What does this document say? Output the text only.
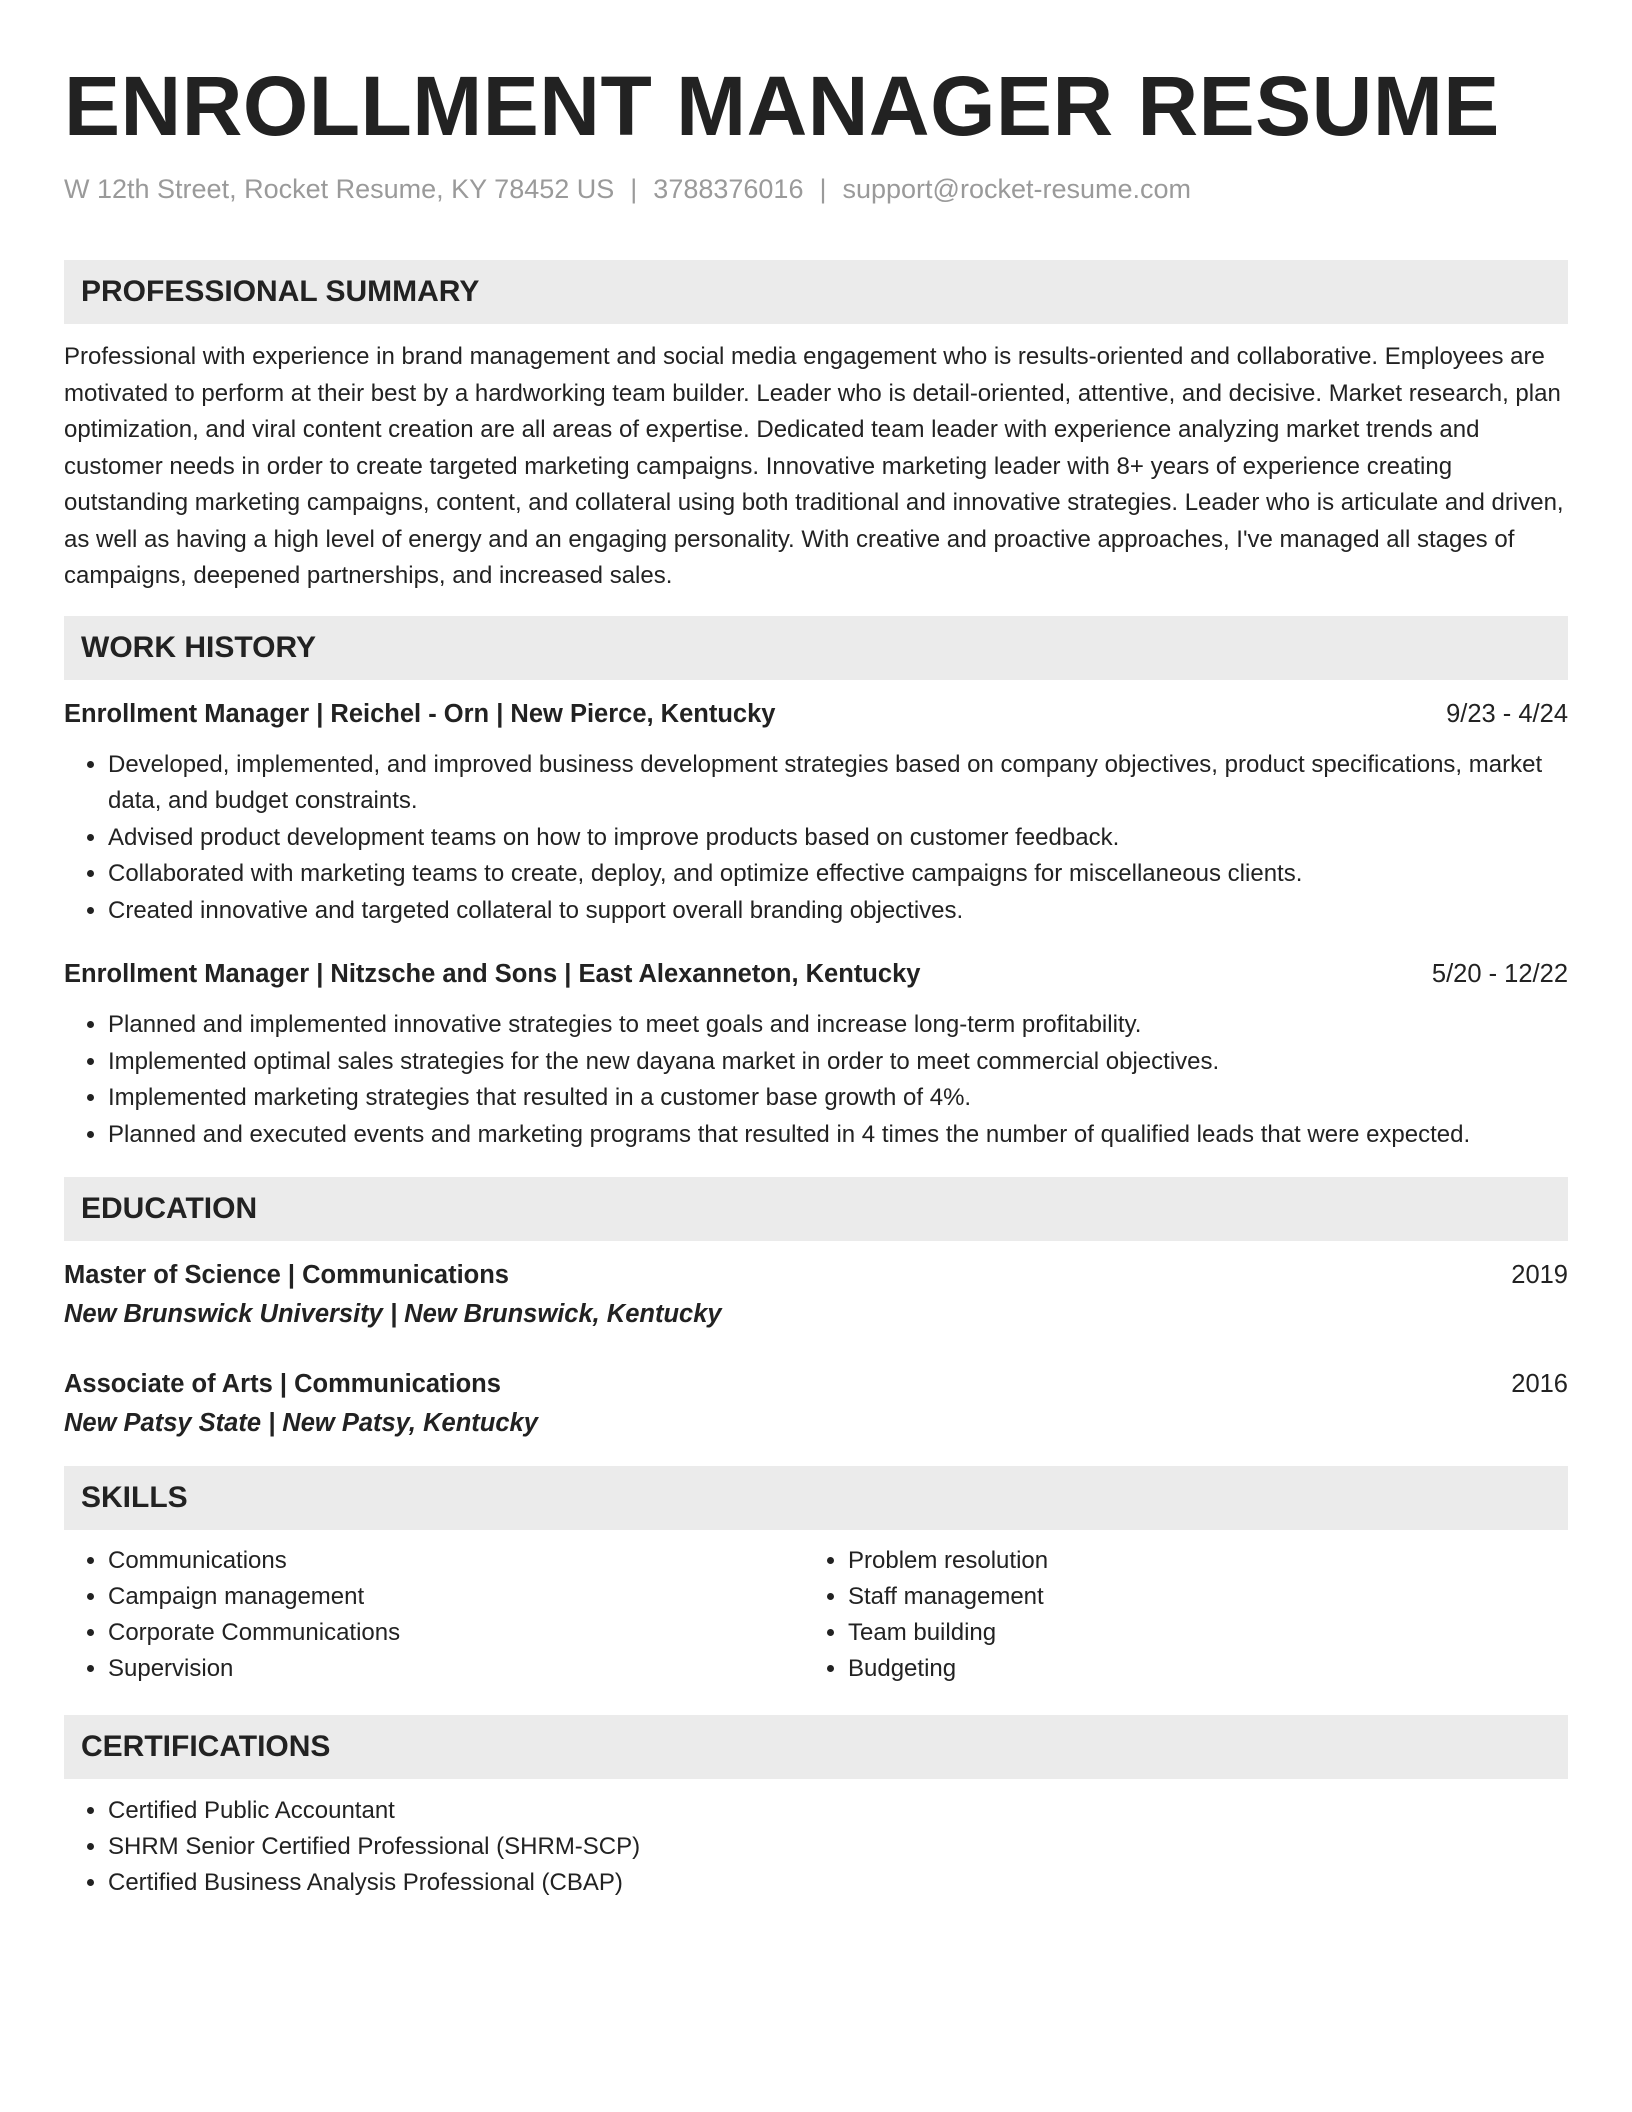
ENROLLMENT MANAGER RESUME
W 12th Street, Rocket Resume, KY 78452 US | 3788376016 | support@rocket-resume.com
PROFESSIONAL SUMMARY

Professional with experience in brand management and social media engagement who is results-oriented and collaborative. Employees are motivated to perform at their best by a hardworking team builder. Leader who is detail-oriented, attentive, and decisive. Market research, plan optimization, and viral content creation are all areas of expertise. Dedicated team leader with experience analyzing market trends and customer needs in order to create targeted marketing campaigns. Innovative marketing leader with 8+ years of experience creating outstanding marketing campaigns, content, and collateral using both traditional and innovative strategies. Leader who is articulate and driven, as well as having a high level of energy and an engaging personality. With creative and proactive approaches, I've managed all stages of campaigns, deepened partnerships, and increased sales.

WORK HISTORY
Enrollment Manager | Reichel - Orn | New Pierce, Kentucky	9/23 - 4/24
• Developed, implemented, and improved business development strategies based on company objectives, product specifications, market data, and budget constraints.
• Advised product development teams on how to improve products based on customer feedback.
• Collaborated with marketing teams to create, deploy, and optimize effective campaigns for miscellaneous clients.
• Created innovative and targeted collateral to support overall branding objectives.
Enrollment Manager | Nitzsche and Sons | East Alexanneton, Kentucky	5/20 - 12/22
• Planned and implemented innovative strategies to meet goals and increase long-term profitability.
• Implemented optimal sales strategies for the new dayana market in order to meet commercial objectives.
• Implemented marketing strategies that resulted in a customer base growth of 4%.
• Planned and executed events and marketing programs that resulted in 4 times the number of qualified leads that were expected.
EDUCATION
Master of Science | Communications	2019
New Brunswick University | New Brunswick, Kentucky
Associate of Arts | Communications	2016
New Patsy State | New Patsy, Kentucky
SKILLS
• Communications
• Campaign management
• Corporate Communications
• Supervision
• Problem resolution
• Staff management
• Team building
• Budgeting
CERTIFICATIONS
• Certified Public Accountant
• SHRM Senior Certified Professional (SHRM-SCP)
• Certified Business Analysis Professional (CBAP)
